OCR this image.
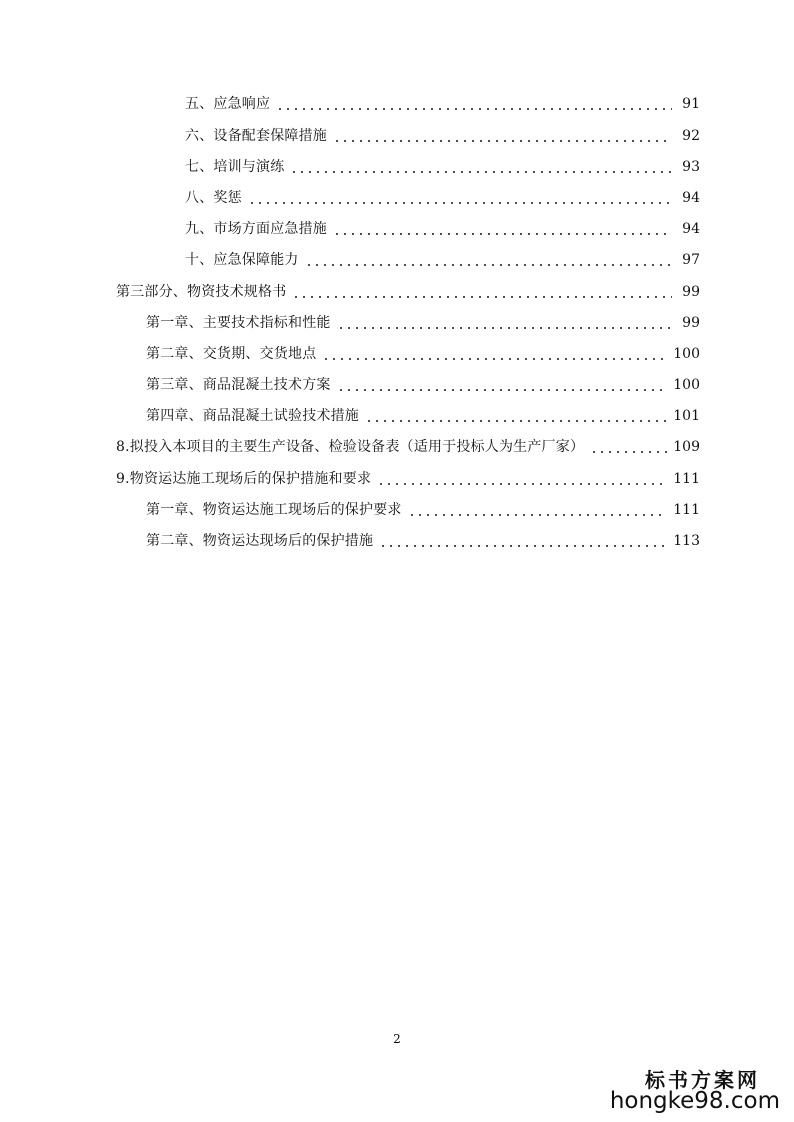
五、应急响应	91
六、设备配套保障措施	92
七、培训与演练	93
八、奖惩	94
九、市场方面应急措施	94
十、应急保障能力	97
第三部分、物资技术规格书	99
第一章、主要技术指标和性能	99
第二章、交货期、交货地点	100
第三章、商品混凝土技术方案	100
第四章、商品混凝土试验技术措施	101
8.拟投入本项目的主要生产设备、检验设备表（适用于投标人为生产厂家）	109
9.物资运达施工现场后的保护措施和要求	111
第一章、物资运达施工现场后的保护要求	111
第二章、物资运达现场后的保护措施	113
2
标书方案网
hongke98.com
